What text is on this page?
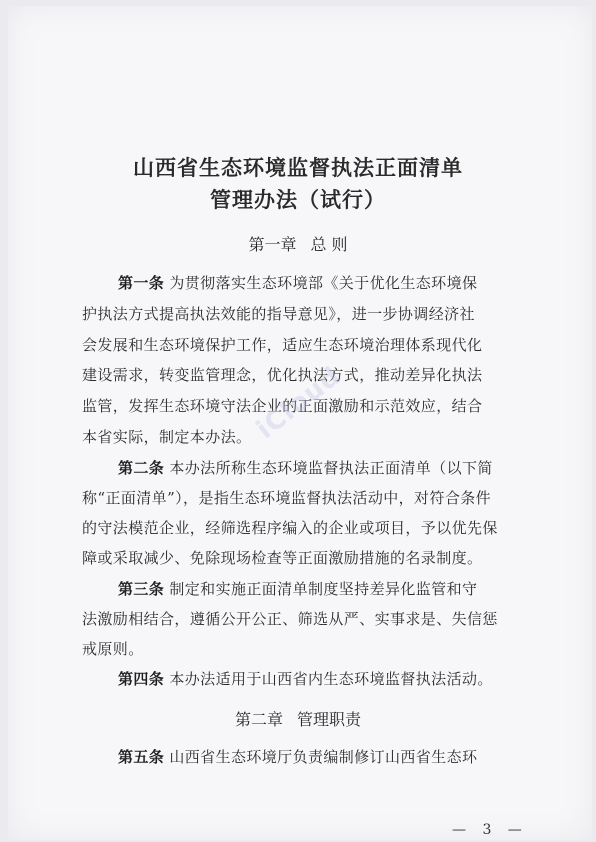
山西省生态环境监督执法正面清单
管理办法（试行）
第一章 总 则
第一条 为贯彻落实生态环境部《关于优化生态环境保
护执法方式提高执法效能的指导意见》，进一步协调经济社
会发展和生态环境保护工作，适应生态环境治理体系现代化
建设需求，转变监管理念，优化执法方式，推动差异化执法
监管，发挥生态环境守法企业的正面激励和示范效应，结合
本省实际，制定本办法。
第二条 本办法所称生态环境监督执法正面清单（以下简
称“正面清单”），是指生态环境监督执法活动中，对符合条件
的守法模范企业，经筛选程序编入的企业或项目，予以优先保
障或采取减少、免除现场检查等正面激励措施的名录制度。
第三条 制定和实施正面清单制度坚持差异化监管和守
法激励相结合，遵循公开公正、筛选从严、实事求是、失信惩
戒原则。
第四条 本办法适用于山西省内生态环境监督执法活动。
第二章 管理职责
第五条 山西省生态环境厅负责编制修订山西省生态环
iCloud
— 3 —
